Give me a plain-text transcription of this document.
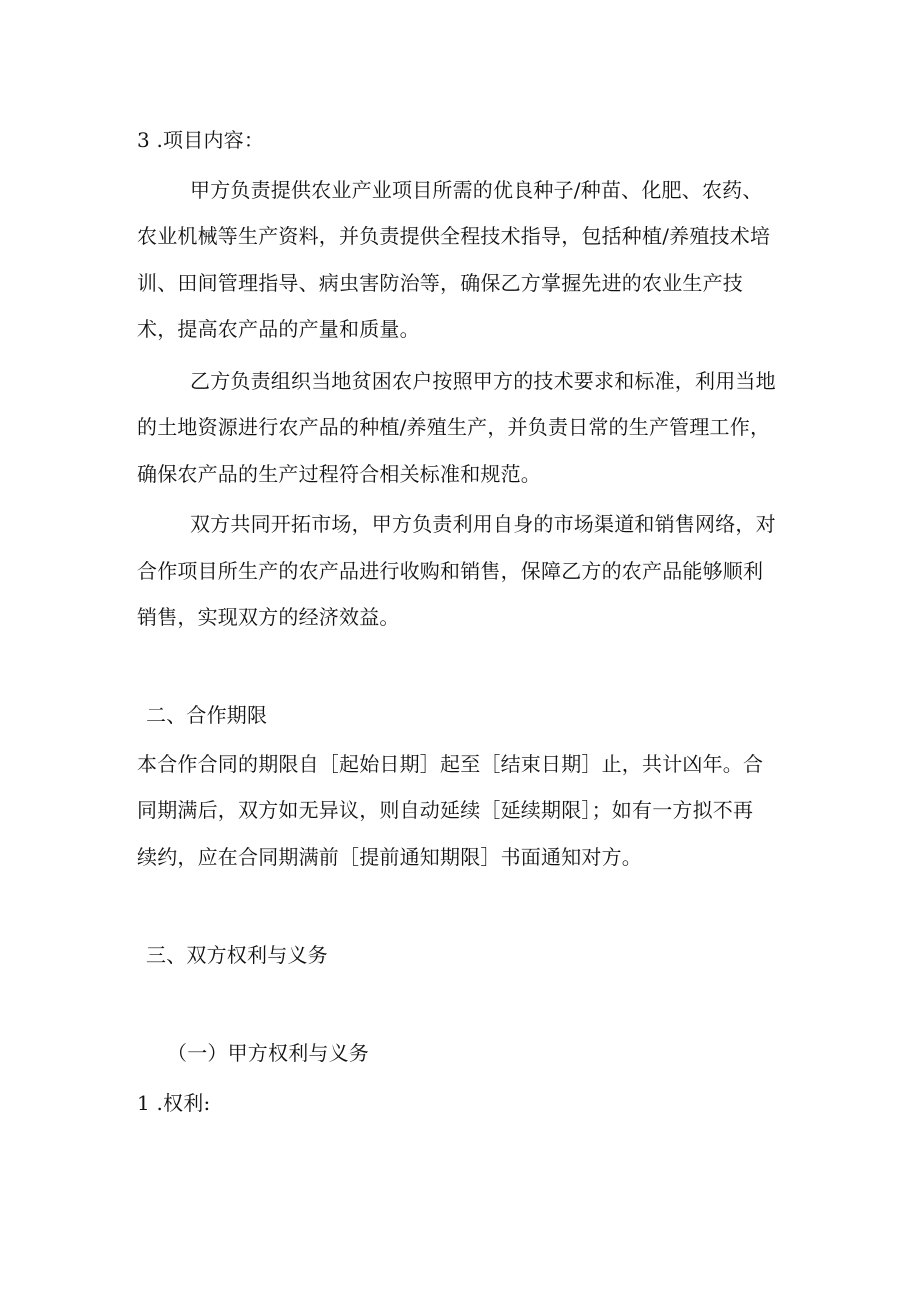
3 .项目内容：
甲方负责提供农业产业项目所需的优良种子/种苗、化肥、农药、
农业机械等生产资料，并负责提供全程技术指导，包括种植/养殖技术培
训、田间管理指导、病虫害防治等，确保乙方掌握先进的农业生产技
术，提高农产品的产量和质量。
乙方负责组织当地贫困农户按照甲方的技术要求和标准，利用当地
的土地资源进行农产品的种植/养殖生产，并负责日常的生产管理工作，
确保农产品的生产过程符合相关标准和规范。
双方共同开拓市场，甲方负责利用自身的市场渠道和销售网络，对
合作项目所生产的农产品进行收购和销售，保障乙方的农产品能够顺利
销售，实现双方的经济效益。
二、合作期限
本合作合同的期限自［起始日期］起至［结束日期］止，共计凶年。合
同期满后，双方如无异议，则自动延续［延续期限］；如有一方拟不再
续约，应在合同期满前［提前通知期限］书面通知对方。
三、双方权利与义务
（一）甲方权利与义务
1 .权利:
